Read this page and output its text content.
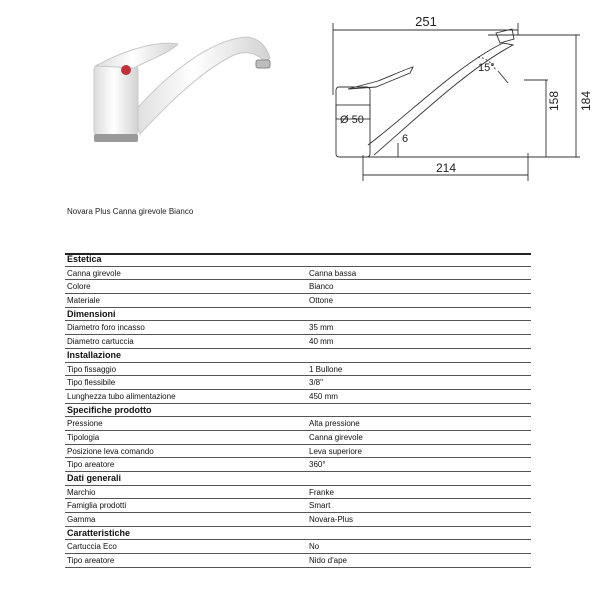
251
15°
Ø 50
6
214
158 184
Novara Plus Canna girevole Bianco
Estetica
Canna girevole	Canna bassa
Colore	Bianco
Materiale	Ottone
Dimensioni
Diametro foro incasso	35 mm
Diametro cartuccia	40 mm
Installazione
Tipo fissaggio	1 Bullone
Tipo flessibile	3/8"
Lunghezza tubo alimentazione	450 mm
Specifiche prodotto
Pressione	Alta pressione
Tipologia	Canna girevole
Posizione leva comando	Leva superiore
Tipo areatore	360°
Dati generali
Marchio	Franke
Famiglia prodotti	Smart
Gamma	Novara-Plus
Caratteristiche
Cartuccia Eco	No
Tipo areatore	Nido d'ape
